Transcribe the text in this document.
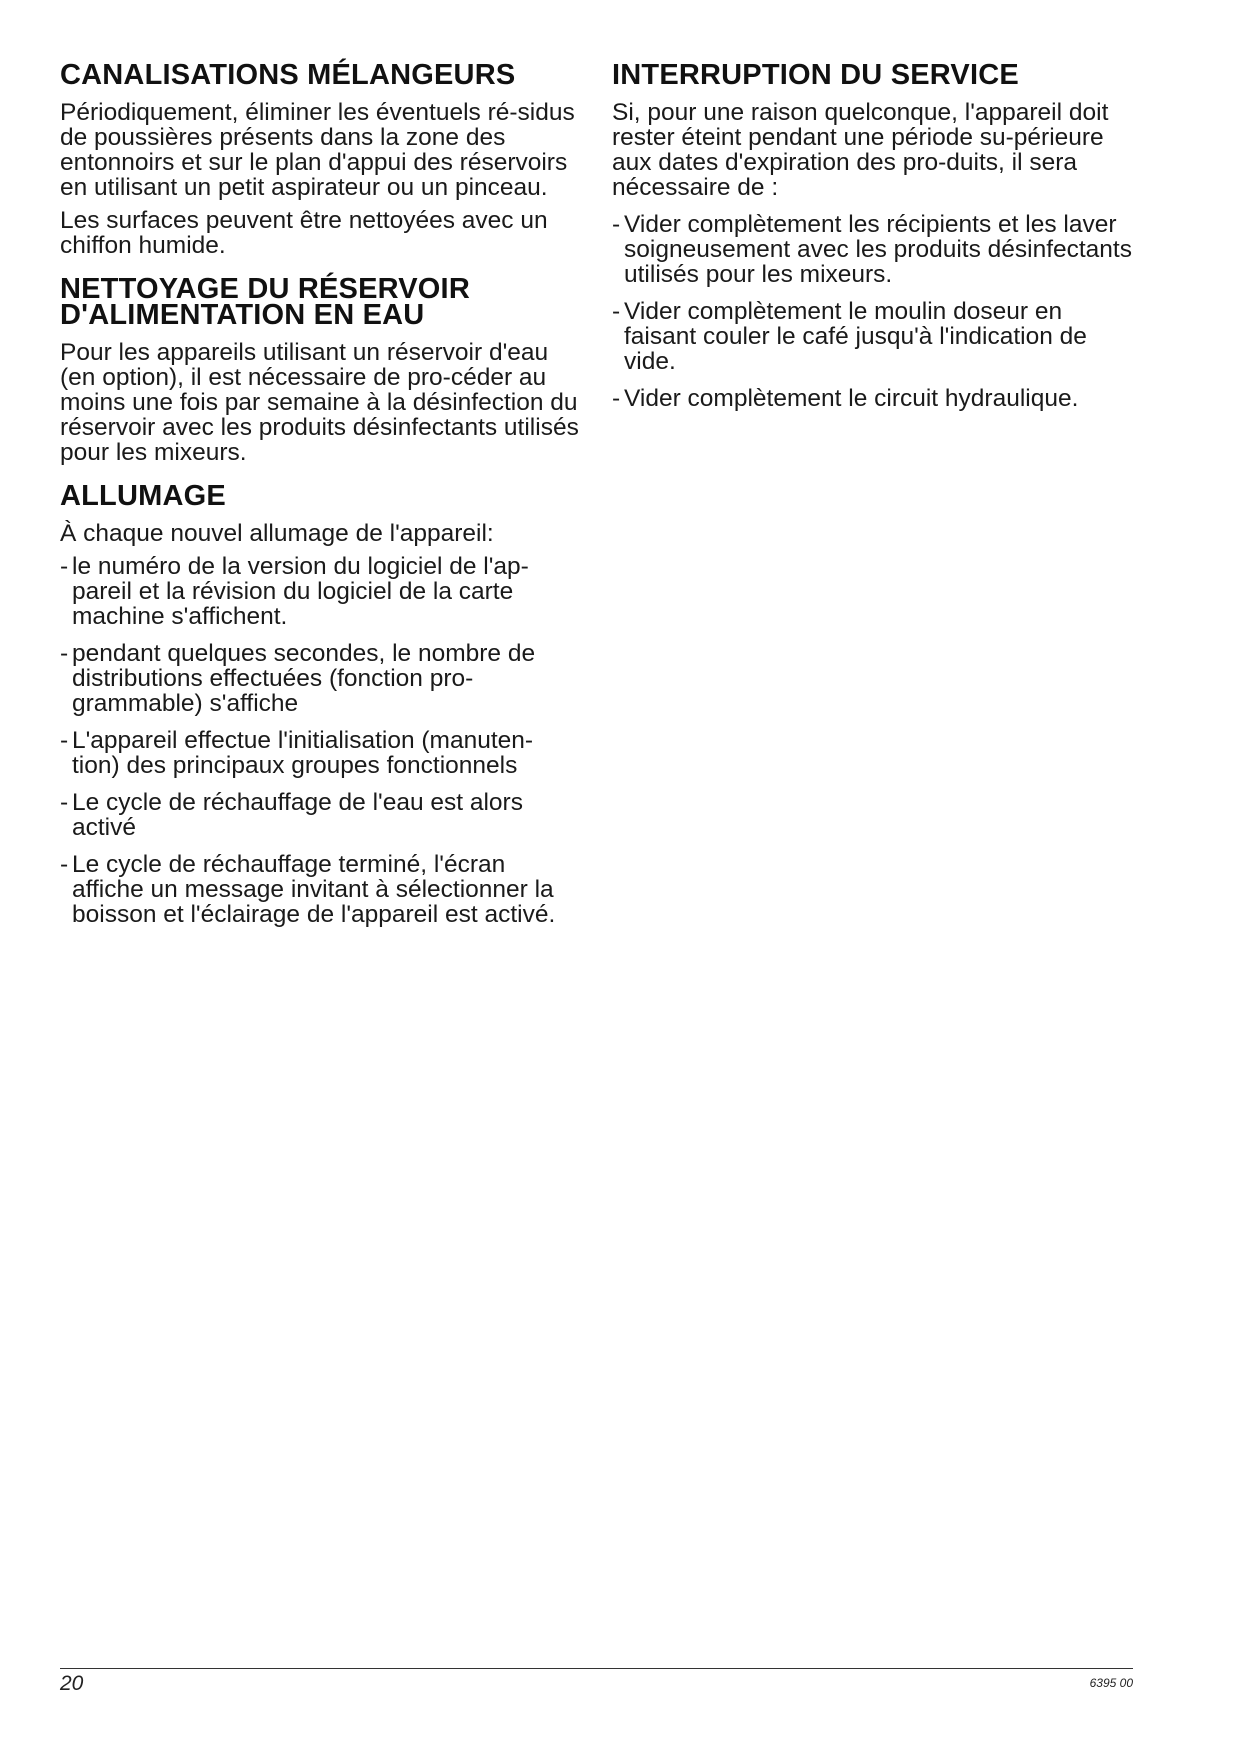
CANALISATIONS MÉLANGEURS

Périodiquement, éliminer les éventuels ré-sidus de poussières présents dans la zone des entonnoirs et sur le plan d'appui des réservoirs en utilisant un petit aspirateur ou un pinceau.

Les surfaces peuvent être nettoyées avec un chiffon humide.

NETTOYAGE DU RÉSERVOIR D'ALIMENTATION EN EAU

Pour les appareils utilisant un réservoir d'eau (en option), il est nécessaire de pro-céder au moins une fois par semaine à la désinfection du réservoir avec les produits désinfectants utilisés pour les mixeurs.

ALLUMAGE

À chaque nouvel allumage de l'appareil:

- le numéro de la version du logiciel de l'ap-pareil et la révision du logiciel de la carte machine s'affichent.
- pendant quelques secondes, le nombre de distributions effectuées (fonction pro-grammable) s'affiche
- L'appareil effectue l'initialisation (manuten-tion) des principaux groupes fonctionnels
- Le cycle de réchauffage de l'eau est alors activé
- Le cycle de réchauffage terminé, l'écran affiche un message invitant à sélectionner la boisson et l'éclairage de l'appareil est activé.
INTERRUPTION DU SERVICE

Si, pour une raison quelconque, l'appareil doit rester éteint pendant une période su-périeure aux dates d'expiration des pro-duits, il sera nécessaire de :

- Vider complètement les récipients et les laver soigneusement avec les produits désinfectants utilisés pour les mixeurs.
- Vider complètement le moulin doseur en faisant couler le café jusqu'à l'indication de vide.
- Vider complètement le circuit hydraulique.
20	6395 00
